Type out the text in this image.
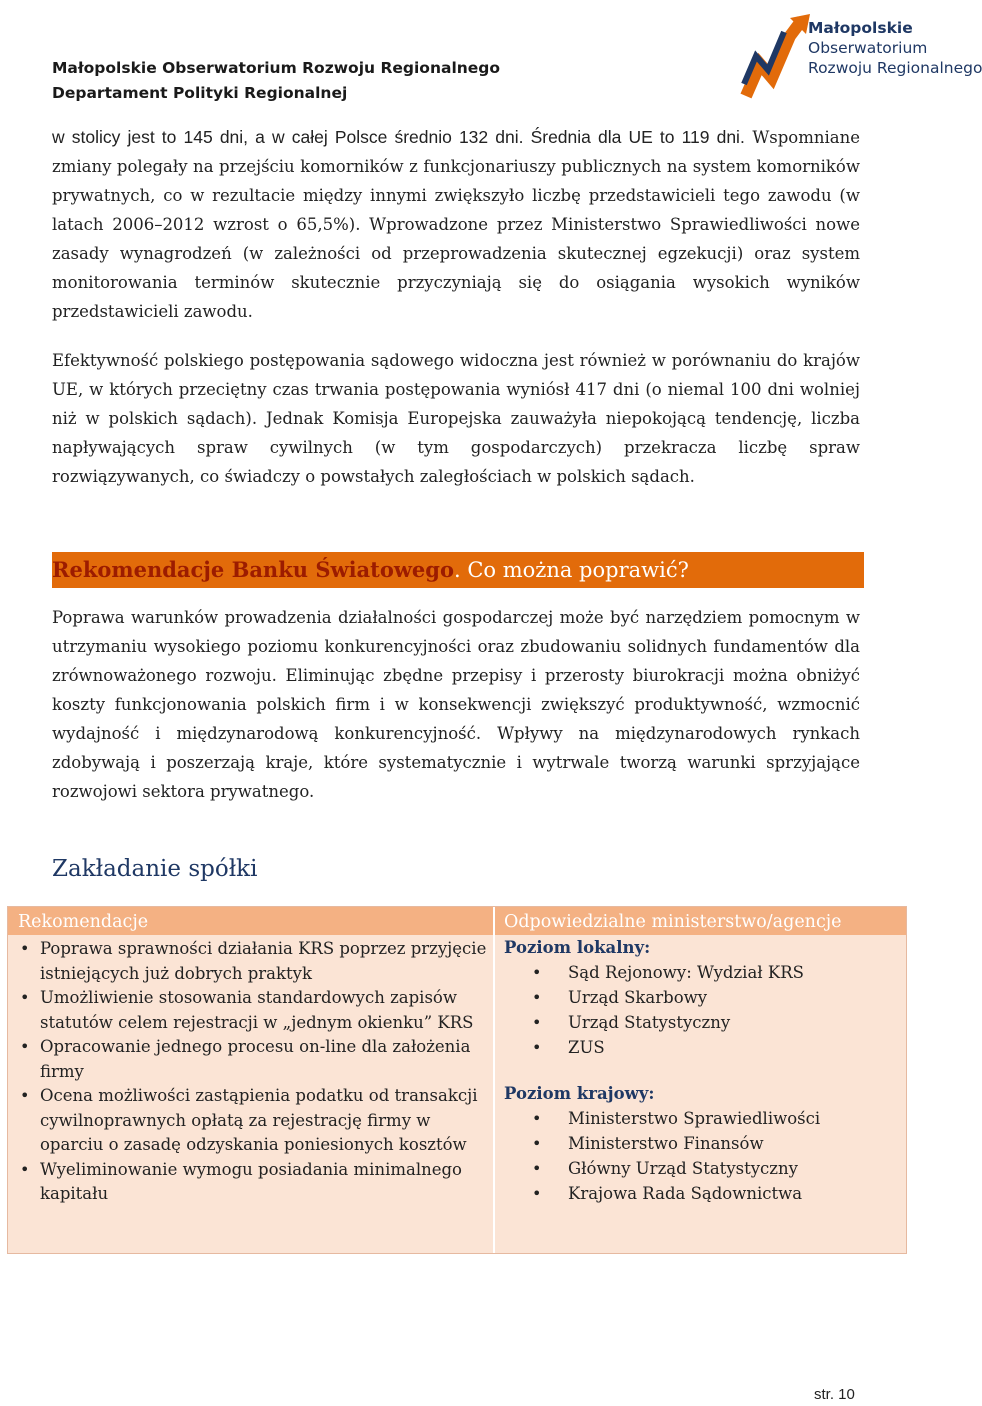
Małopolskie Obserwatorium Rozwoju Regionalnego
Departament Polityki Regionalnej
Małopolskie
Obserwatorium
Rozwoju Regionalnego

w stolicy jest to 145 dni, a w całej Polsce średnio 132 dni. Średnia dla UE to 119 dni. Wspomniane zmiany polegały na przejściu komorników z funkcjonariuszy publicznych na system komorników prywatnych, co w rezultacie między innymi zwiększyło liczbę przedstawicieli tego zawodu (w latach 2006–2012 wzrost o 65,5%). Wprowadzone przez Ministerstwo Sprawiedliwości nowe zasady wynagrodzeń (w zależności od przeprowadzenia skutecznej egzekucji) oraz system monitorowania terminów skutecznie przyczyniają się do osiągania wysokich wyników przedstawicieli zawodu.

Efektywność polskiego postępowania sądowego widoczna jest również w porównaniu do krajów UE, w których przeciętny czas trwania postępowania wyniósł 417 dni (o niemal 100 dni wolniej niż w polskich sądach). Jednak Komisja Europejska zauważyła niepokojącą tendencję, liczba napływających spraw cywilnych (w tym gospodarczych) przekracza liczbę spraw rozwiązywanych, co świadczy o powstałych zaległościach w polskich sądach.

Rekomendacje Banku Światowego. Co można poprawić?

Poprawa warunków prowadzenia działalności gospodarczej może być narzędziem pomocnym w utrzymaniu wysokiego poziomu konkurencyjności oraz zbudowaniu solidnych fundamentów dla zrównoważonego rozwoju. Eliminując zbędne przepisy i przerosty biurokracji można obniżyć koszty funkcjonowania polskich firm i w konsekwencji zwiększyć produktywność, wzmocnić wydajność i międzynarodową konkurencyjność. Wpływy na międzynarodowych rynkach zdobywają i poszerzają kraje, które systematycznie i wytrwale tworzą warunki sprzyjające rozwojowi sektora prywatnego.

Zakładanie spółki
Rekomendacje	Odpowiedzialne ministerstwo/agencje
• Poprawa sprawności działania KRS poprzez przyjęcie istniejących już dobrych praktyk
• Umożliwienie stosowania standardowych zapisów statutów celem rejestracji w „jednym okienku” KRS
• Opracowanie jednego procesu on-line dla założenia firmy
• Ocena możliwości zastąpienia podatku od transakcji cywilnoprawnych opłatą za rejestrację firmy w oparciu o zasadę odzyskania poniesionych kosztów
• Wyeliminowanie wymogu posiadania minimalnego kapitału
Poziom lokalny:
• Sąd Rejonowy: Wydział KRS
• Urząd Skarbowy
• Urząd Statystyczny
• ZUS
Poziom krajowy:
• Ministerstwo Sprawiedliwości
• Ministerstwo Finansów
• Główny Urząd Statystyczny
• Krajowa Rada Sądownictwa
str. 10
